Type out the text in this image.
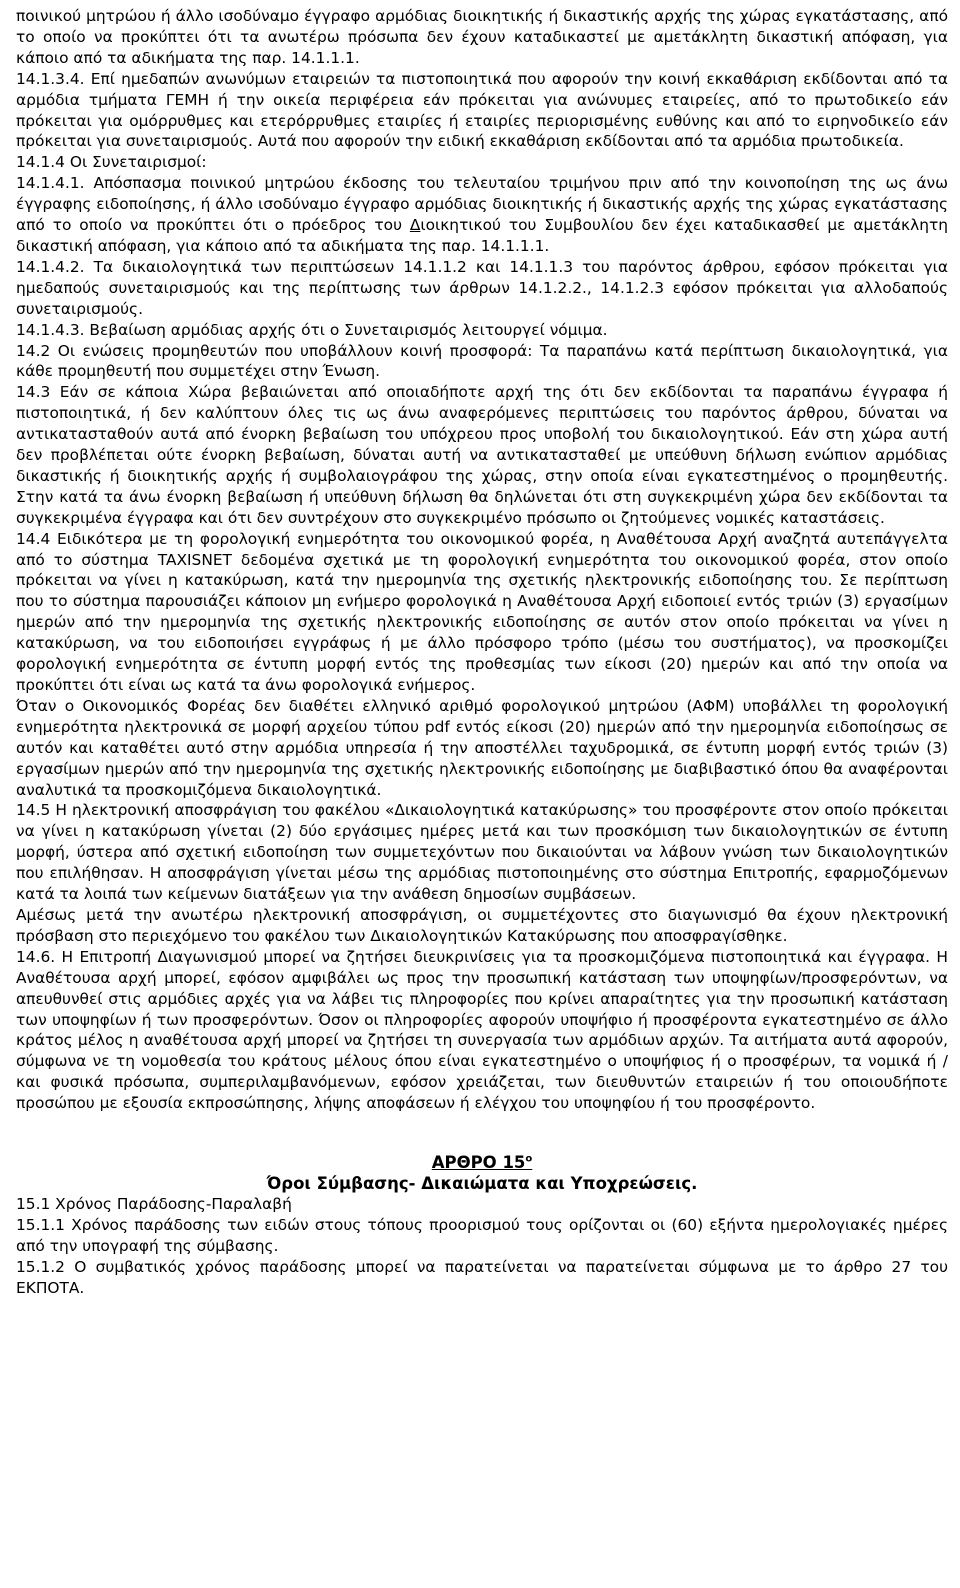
ποινικού μητρώου ή άλλο ισοδύναμο έγγραφο αρμόδιας διοικητικής ή δικαστικής αρχής της χώρας εγκατάστασης, από το οποίο να προκύπτει ότι τα ανωτέρω πρόσωπα δεν έχουν καταδικαστεί με αμετάκλητη δικαστική απόφαση, για κάποιο από τα αδικήματα της παρ. 14.1.1.1.

14.1.3.4. Επί ημεδαπών ανωνύμων εταιρειών τα πιστοποιητικά που αφορούν την κοινή εκκαθάριση εκδίδονται από τα αρμόδια τμήματα ΓΕΜΗ ή την οικεία περιφέρεια εάν πρόκειται για ανώνυμες εταιρείες, από το πρωτοδικείο εάν πρόκειται για ομόρρυθμες και ετερόρρυθμες εταιρίες ή εταιρίες περιορισμένης ευθύνης και από το ειρηνοδικείο εάν πρόκειται για συνεταιρισμούς. Αυτά που αφορούν την ειδική εκκαθάριση εκδίδονται από τα αρμόδια πρωτοδικεία.

14.1.4 Οι Συνεταιρισμοί:

14.1.4.1. Απόσπασμα ποινικού μητρώου έκδοσης του τελευταίου τριμήνου πριν από την κοινοποίηση της ως άνω έγγραφης ειδοποίησης, ή άλλο ισοδύναμο έγγραφο αρμόδιας διοικητικής ή δικαστικής αρχής της χώρας εγκατάστασης από το οποίο να προκύπτει ότι ο πρόεδρος του Διοικητικού του Συμβουλίου δεν έχει καταδικασθεί με αμετάκλητη δικαστική απόφαση, για κάποιο από τα αδικήματα της παρ. 14.1.1.1.

14.1.4.2. Τα δικαιολογητικά των περιπτώσεων 14.1.1.2 και 14.1.1.3 του παρόντος άρθρου, εφόσον πρόκειται για ημεδαπούς συνεταιρισμούς και της περίπτωσης των άρθρων 14.1.2.2., 14.1.2.3 εφόσον πρόκειται για αλλοδαπούς συνεταιρισμούς.

14.1.4.3. Βεβαίωση αρμόδιας αρχής ότι ο Συνεταιρισμός λειτουργεί νόμιμα.

14.2 Οι ενώσεις προμηθευτών που υποβάλλουν κοινή προσφορά: Τα παραπάνω κατά περίπτωση δικαιολογητικά, για κάθε προμηθευτή που συμμετέχει στην Ένωση.

14.3 Εάν σε κάποια Χώρα βεβαιώνεται από οποιαδήποτε αρχή της ότι δεν εκδίδονται τα παραπάνω έγγραφα ή πιστοποιητικά, ή δεν καλύπτουν όλες τις ως άνω αναφερόμενες περιπτώσεις του παρόντος άρθρου, δύναται να αντικατασταθούν αυτά από ένορκη βεβαίωση του υπόχρεου προς υποβολή του δικαιολογητικού. Εάν στη χώρα αυτή δεν προβλέπεται ούτε ένορκη βεβαίωση, δύναται αυτή να αντικατασταθεί με υπεύθυνη δήλωση ενώπιον αρμόδιας δικαστικής ή διοικητικής αρχής ή συμβολαιογράφου της χώρας, στην οποία είναι εγκατεστημένος ο προμηθευτής. Στην κατά τα άνω ένορκη βεβαίωση ή υπεύθυνη δήλωση θα δηλώνεται ότι στη συγκεκριμένη χώρα δεν εκδίδονται τα συγκεκριμένα έγγραφα και ότι δεν συντρέχουν στο συγκεκριμένο πρόσωπο οι ζητούμενες νομικές καταστάσεις.

14.4 Ειδικότερα με τη φορολογική ενημερότητα του οικονομικού φορέα, η Αναθέτουσα Αρχή αναζητά αυτεπάγγελτα από το σύστημα TAXISNET δεδομένα σχετικά με τη φορολογική ενημερότητα του οικονομικού φορέα, στον οποίο πρόκειται να γίνει η κατακύρωση, κατά την ημερομηνία της σχετικής ηλεκτρονικής ειδοποίησης του. Σε περίπτωση που το σύστημα παρουσιάζει κάποιον μη ενήμερο φορολογικά η Αναθέτουσα Αρχή ειδοποιεί εντός τριών (3) εργασίμων ημερών από την ημερομηνία της σχετικής ηλεκτρονικής ειδοποίησης σε αυτόν στον οποίο πρόκειται να γίνει η κατακύρωση, να του ειδοποιήσει εγγράφως ή με άλλο πρόσφορο τρόπο (μέσω του συστήματος), να προσκομίζει φορολογική ενημερότητα σε έντυπη μορφή εντός της προθεσμίας των είκοσι (20) ημερών και από την οποία να προκύπτει ότι είναι ως κατά τα άνω φορολογικά ενήμερος.

Όταν ο Οικονομικός Φορέας δεν διαθέτει ελληνικό αριθμό φορολογικού μητρώου (ΑΦΜ) υποβάλλει τη φορολογική ενημερότητα ηλεκτρονικά σε μορφή αρχείου τύπου pdf εντός είκοσι (20) ημερών από την ημερομηνία ειδοποίησως σε αυτόν και καταθέτει αυτό στην αρμόδια υπηρεσία ή την αποστέλλει ταχυδρομικά, σε έντυπη μορφή εντός τριών (3) εργασίμων ημερών από την ημερομηνία της σχετικής ηλεκτρονικής ειδοποίησης με διαβιβαστικό όπου θα αναφέρονται αναλυτικά τα προσκομιζόμενα δικαιολογητικά.

14.5 Η ηλεκτρονική αποσφράγιση του φακέλου «Δικαιολογητικά κατακύρωσης» του προσφέροντε στον οποίο πρόκειται να γίνει η κατακύρωση γίνεται (2) δύο εργάσιμες ημέρες μετά και των προσκόμιση των δικαιολογητικών σε έντυπη μορφή, ύστερα από σχετική ειδοποίηση των συμμετεχόντων που δικαιούνται να λάβουν γνώση των δικαιολογητικών που επιλήθησαν. Η αποσφράγιση γίνεται μέσω της αρμόδιας πιστοποιημένης στο σύστημα Επιτροπής, εφαρμοζόμενων κατά τα λοιπά των κείμενων διατάξεων για την ανάθεση δημοσίων συμβάσεων.

Αμέσως μετά την ανωτέρω ηλεκτρονική αποσφράγιση, οι συμμετέχοντες στο διαγωνισμό θα έχουν ηλεκτρονική πρόσβαση στο περιεχόμενο του φακέλου των Δικαιολογητικών Κατακύρωσης που αποσφραγίσθηκε.

14.6. Η Επιτροπή Διαγωνισμού μπορεί να ζητήσει διευκρινίσεις για τα προσκομιζόμενα πιστοποιητικά και έγγραφα. Η Αναθέτουσα αρχή μπορεί, εφόσον αμφιβάλει ως προς την προσωπική κατάσταση των υποψηφίων/προσφερόντων, να απευθυνθεί στις αρμόδιες αρχές για να λάβει τις πληροφορίες που κρίνει απαραίτητες για την προσωπική κατάσταση των υποψηφίων ή των προσφερόντων. Όσον οι πληροφορίες αφορούν υποψήφιο ή προσφέροντα εγκατεστημένο σε άλλο κράτος μέλος η αναθέτουσα αρχή μπορεί να ζητήσει τη συνεργασία των αρμόδιων αρχών. Τα αιτήματα αυτά αφορούν, σύμφωνα νε τη νομοθεσία του κράτους μέλους όπου είναι εγκατεστημένο ο υποψήφιος ή ο προσφέρων, τα νομικά ή / και φυσικά πρόσωπα, συμπεριλαμβανόμενων, εφόσον χρειάζεται, των διευθυντών εταιρειών ή του οποιουδήποτε προσώπου με εξουσία εκπροσώπησης, λήψης αποφάσεων ή ελέγχου του υποψηφίου ή του προσφέροντο.

ΑΡΘΡΟ $15^o$
Όροι Σύμβασης- Δικαιώματα και Υποχρεώσεις.

15.1 Χρόνος Παράδοσης-Παραλαβή

15.1.1 Χρόνος παράδοσης των ειδών στους τόπους προορισμού τους ορίζονται οι (60) εξήντα ημερολογιακές ημέρες από την υπογραφή της σύμβασης.

15.1.2 Ο συμβατικός χρόνος παράδοσης μπορεί να παρατείνεται να παρατείνεται σύμφωνα με το άρθρο 27 του ΕΚΠΟΤΑ.
